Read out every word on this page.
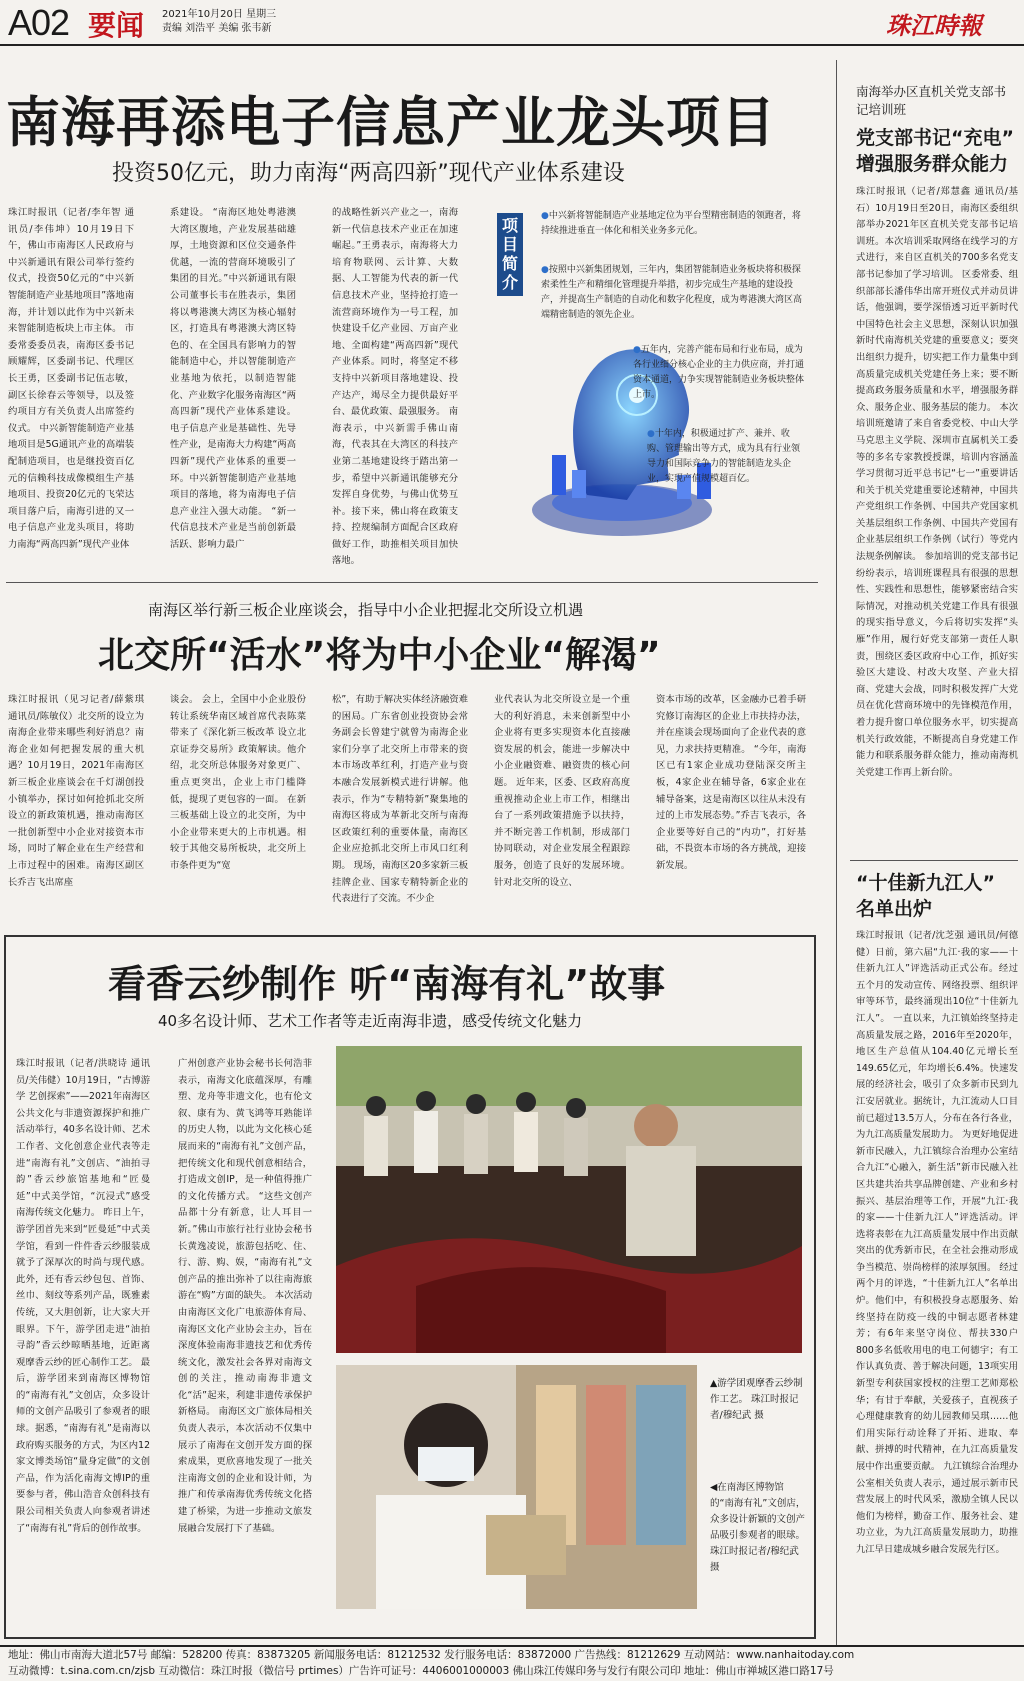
A02 要闻 2021年10月20日 星期三
责编 刘浩平 美编 张韦新	珠江時報
南海再添电子信息产业龙头项目
投资50亿元，助力南海“两高四新”现代产业体系建设
珠江时报讯（记者/李年智 通讯员/李伟坤）10月19日下午，佛山市南海区人民政府与中兴新通讯有限公司举行签约仪式，投资50亿元的“中兴新智能制造产业基地项目”落地南海，并计划以此作为中兴新未来智能制造板块上市主体。 市委常委委员表，南海区委书记顾耀辉，区委副书记、代理区长王勇，区委副书记伍志敏，副区长徐春云等领导，以及签约项目方有关负责人出席签约仪式。 中兴新智能制造产业基地项目是5G通讯产业的高端装配制造项目，也是继投资百亿元的信赖科技成像模组生产基地项目、投资20亿元的飞荣达项目落户后，南海引进的又一电子信息产业龙头项目，将助力南海“两高四新”现代产业体
系建设。 “南海区地处粤港澳大湾区腹地，产业发展基础雄厚，土地资源和区位交通条件优越，一流的营商环境吸引了集团的目光。”中兴新通讯有限公司董事长韦在胜表示，集团将以粤港澳大湾区为核心辐射区，打造具有粤港澳大湾区特色的、在全国具有影响力的智能制造中心，并以智能制造产业基地为依托，以制造智能化、产业数字化服务南海区“两高四新”现代产业体系建设。 电子信息产业是基础性、先导性产业，是南海大力构建“两高四新”现代产业体系的重要一环。中兴新智能制造产业基地项目的落地，将为南海电子信息产业注入强大动能。 “新一代信息技术产业是当前创新最活跃、影响力最广
的战略性新兴产业之一，南海新一代信息技术产业正在加速崛起。”王勇表示，南海将大力培育物联网、云计算、大数据、人工智能为代表的新一代信息技术产业，坚持抢打造一流营商环境作为一号工程，加快建设千亿产业园、万亩产业地、全面构建“两高四新”现代产业体系。同时，将坚定不移支持中兴新项目落地建设、投产达产，竭尽全力提供最好平台、最优政策、最强服务。 南海表示，中兴新需手佛山南海，代表其在大湾区的科技产业第二基地建设终于踏出第一步，希望中兴新通讯能够充分发挥自身优势，与佛山优势互补。接下来，佛山将在政策支持、控规编制方面配合区政府做好工作，助推相关项目加快落地。
●中兴新将智能制造产业基地定位为平台型精密制造的领跑者，将持续推进垂直一体化和相关业务多元化。
●按照中兴新集团规划，三年内，集团智能制造业务板块将积极探索柔性生产和精细化管理提升举措，初步完成生产基地的建设投产，并提高生产制造的自动化和数字化程度，成为粤港澳大湾区高端精密制造的领先企业。
●五年内，完善产能布局和行业布局，成为各行业细分核心企业的主力供应商，并打通资本通道，力争实现智能制造业务板块整体上市。
●十年内，积极通过扩产、兼并、收购、管理输出等方式，成为具有行业领导力和国际竞争力的智能制造龙头企业，实现产值规模超百亿。
项目简介
南海区举行新三板企业座谈会，指导中小企业把握北交所设立机遇
北交所“活水”将为中小企业“解渴”
珠江时报讯（见习记者/薛紫琪 通讯员/陈敏仪）北交所的设立为南海企业带来哪些利好消息？南海企业如何把握发展的重大机遇？10月19日，2021年南海区新三板企业座谈会在千灯湖创投小镇举办，探讨如何抢抓北交所设立的新政策机遇，推动南海区一批创新型中小企业对接资本市场，同时了解企业在生产经营和上市过程中的困难。南海区副区长乔吉飞出席座
谈会。 会上，全国中小企业股份转让系统华南区域首席代表陈菜带来了《深化新三板改革 设立北京证券交易所》政策解读。他介绍，北交所总体服务对象更广、重点更突出，企业上市门槛降低，提现了更包容的一面。 在新三板基础上设立的北交所，为中小企业带来更大的上市机遇。相较于其他交易所板块，北交所上市条件更为“宽
松”，有助于解决实体经济融资难的困局。广东省创业投资协会常务副会长曾建宁就曾为南海企业家们分享了北交所上市带来的资本市场改革红利，打造产业与资本融合发展新模式进行讲解。他表示，作为“专精特新”聚集地的南海区将成为革新北交所与南海区政策红利的重要体量，南海区企业应抢抓北交所上市风口红利期。 现场，南海区20多家新三板挂牌企业、国家专精特新企业的代表进行了交流。不少企
业代表认为北交所设立是一个重大的利好消息，未来创新型中小企业将有更多实现资本化直接融资发展的机会，能进一步解决中小企业融资难、融资贵的核心问题。 近年来，区委、区政府高度重视推动企业上市工作，相继出台了一系列政策措施予以扶持，并不断完善工作机制，形成部门协同联动，对企业发展全程跟踪服务，创造了良好的发展环境。针对北交所的设立、
资本市场的改革，区金融办已着手研究修订南海区的企业上市扶持办法，并在座谈会现场面向了企业代表的意见，力求扶持更精准。 “今年，南海区已有1家企业成功登陆深交所主板，4家企业在辅导备，6家企业在辅导备案，这是南海区以往从未没有过的上市发展态势。”乔吉飞表示，各企业要等好自己的“内功”，打好基础，不畏资本市场的各方挑战，迎接新发展。
看香云纱制作 听“南海有礼”故事
40多名设计师、艺术工作者等走近南海非遗，感受传统文化魅力
珠江时报讯（记者/洪晓诗 通讯员/关伟健）10月19日，“古博游学 艺创探索”——2021年南海区公共文化与非遗资源探护和推广活动举行，40多名设计师、艺术工作者、文化创意企业代表等走进“南海有礼”文创店、“油拍寻韵”香云纱旅馆基地和“匠曼延”中式美学馆，“沉浸式”感受南海传统文化魅力。 昨日上午，游学团首先来到“匠曼延”中式美学馆，看到一件件香云纱服装成就予了深厚次的时尚与现代感。此外，还有香云纱包包、首饰、丝巾、刻纹等系列产品，既雅素传统，又大胆创新，让大家大开眼界。下午，游学团走进“油拍寻韵”香云纱晾晒基地，近距离观摩香云纱的匠心制作工艺。 最后，游学团来到南海区博物馆的“南海有礼”文创店，众多设计师的文创产品吸引了参观者的眼球。据悉，“南海有礼”是南海以政府购买服务的方式，为区内12家文博类场馆“量身定做”的文创产品，作为活化南海文博IP的重要参与者，佛山浩音众创科技有限公司相关负责人向参观者讲述了“南海有礼”背后的创作故事。
广州创意产业协会秘书长何浩菲表示，南海文化底蕴深厚，有雕塑、龙舟等非遗文化，也有伦文叙、康有为、黄飞鸿等耳熟能详的历史人物，以此为文化核心延展而来的“南海有礼”文创产品，把传统文化和现代创意相结合，打造成文创IP，是一种值得推广的文化传播方式。 “这些文创产品都十分有新意，让人耳目一新。”佛山市旅行社行业协会秘书长黄逸凌说，旅游包括吃、住、行、游、购、娱，“南海有礼”文创产品的推出弥补了以往南海旅游在“购”方面的缺失。 本次活动由南海区文化广电旅游体育局、南海区文化产业协会主办，旨在深度体验南海非遗技艺和优秀传统文化，激发社会各界对南海文创的关注，推动南海非遗文化“活”起来，利建非遗传承保护新格局。 南海区文广旅体局相关负责人表示，本次活动不仅集中展示了南海在文创开发方面的探索成果，更欣喜地发现了一批关注南海文创的企业和设计师，为推广和传承南海优秀传统文化搭建了桥梁，为进一步推动文旅发展融合发展打下了基础。
▲游学团观摩香云纱制作工艺。 珠江时报记者/穆纪武 摄
◀在南海区博物馆的“南海有礼”文创店，众多设计新颖的文创产品吸引参观者的眼球。 珠江时报记者/穆纪武 摄
南海举办区直机关党支部书记培训班
党支部书记“充电” 增强服务群众能力
珠江时报讯（记者/郑慧鑫 通讯员/基石）10月19日至20日，南海区委组织部举办2021年区直机关党支部书记培训班。本次培训采取网络在线学习的方式进行，来自区直机关的700多名党支部书记参加了学习培训。 区委常委、组织部部长潘伟华出席开班仪式并动员讲话，他强调，要学深悟透习近平新时代中国特色社会主义思想，深刻认识加强新时代南海机关党建的重要意义；要突出组织力提升，切实把工作力量集中到高质量完成机关党建任务上来；要不断提高政务服务质量和水平，增强服务群众、服务企业、服务基层的能力。 本次培训班邀请了来自省委党校、中山大学马克思主义学院、深圳市直属机关工委等的多名专家教授授课，培训内容涵盖学习贯彻习近平总书记“七一”重要讲话和关于机关党建重要论述精神，中国共产党组织工作条例、中国共产党国家机关基层组织工作条例、中国共产党国有企业基层组织工作条例（试行）等党内法规条例解读。 参加培训的党支部书记纷纷表示，培训班课程具有很强的思想性、实践性和思想性，能够紧密结合实际情况，对推动机关党建工作具有很强的现实指导意义，今后将切实发挥“头雁”作用，履行好党支部第一责任人职责，围绕区委区政府中心工作，抓好实验区大建设、村改大攻坚、产业大招商、党建大会战，同时积极发挥广大党员在优化营商环境中的先锋模范作用，着力提升窗口单位服务水平，切实提高机关行政效能，不断提高自身党建工作能力和联系服务群众能力，推动南海机关党建工作再上新台阶。
“十佳新九江人” 名单出炉
珠江时报讯（记者/沈芝强 通讯员/何德健）日前，第六届“九江·我的家——十佳新九江人”评选活动正式公布。经过五个月的发动宣传、网络投票、组织评审等环节，最终涌现出10位“十佳新九江人”。 一直以来，九江镇始终坚持走高质量发展之路，2016年至2020年，地区生产总值从104.40亿元增长至149.65亿元，年均增长6.4%。快速发展的经济社会，吸引了众多新市民到九江安居就业。据统计，九江流动人口目前已超过13.5万人，分布在各行各业，为九江高质量发展助力。 为更好地促进新市民融入，九江镇综合治理办公室结合九江“心融入，新生活”新市民融入社区共建共治共享品牌创建、产业和乡村振兴、基层治理等工作，开展“九江·我的家——十佳新九江人”评选活动。评选将表彰在九江高质量发展中作出贡献突出的优秀新市民，在全社会推动形成争当模范、崇尚榜样的浓厚氛围。 经过两个月的评选，“十佳新九江人”名单出炉。他们中，有积极投身志愿服务、始终坚持在防疫一线的中铜志愿者林建芳；有6年来坚守岗位、帮扶330户800多名低收用电的电工何德宇；有工作认真负责、善于解决问题，13项实用新型专利获国家授权的注塑工艺师郑松华；有甘于奉献，关爱孩子，直视孩子心理健康教育的幼儿园教师吴琪……他们用实际行动诠释了开拓、进取、奉献、拼搏的时代精神，在九江高质量发展中作出重要贡献。 九江镇综合治理办公室相关负责人表示，通过展示新市民营发展上的时代风采，激励全镇人民以他们为榜样，勤奋工作、服务社会、建功立业，为九江高质量发展助力，助推九江早日建成城乡融合发展先行区。
地址：佛山市南海大道北57号 邮编：528200 传真：83873205 新闻服务电话：81212532 发行服务电话：83872000 广告热线：81212629 互动网站：www.nanhaitoday.com
互动微博：t.sina.com.cn/zjsb 互动微信：珠江时报（微信号 prtimes）广告许可证号：4406001000003 佛山珠江传媒印务与发行有限公司印 地址：佛山市禅城区港口路17号
